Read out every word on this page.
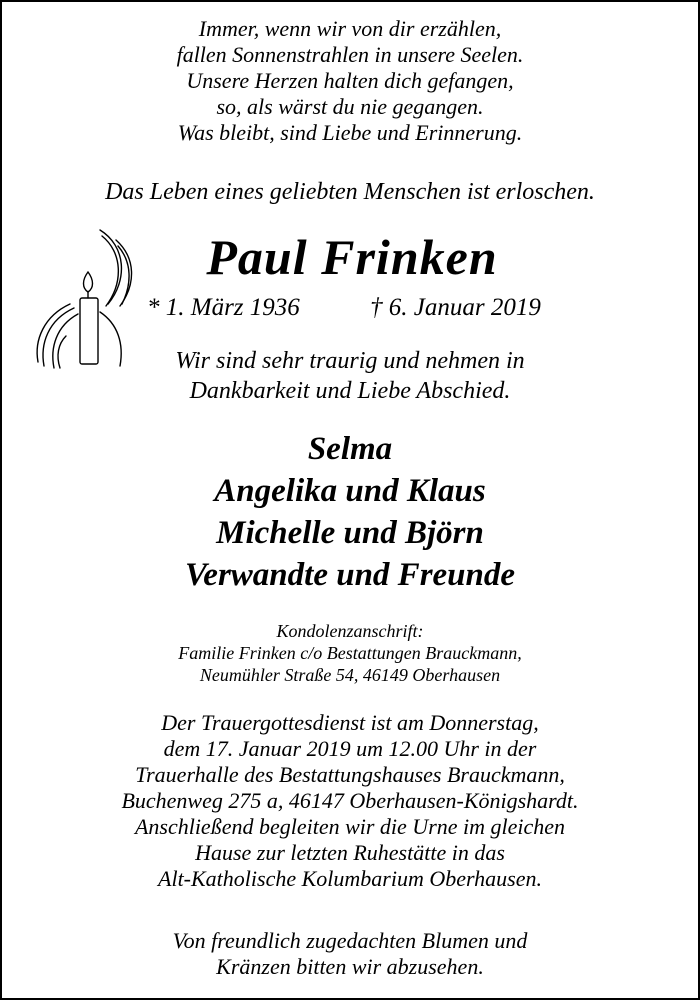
Immer, wenn wir von dir erzählen,
fallen Sonnenstrahlen in unsere Seelen.
Unsere Herzen halten dich gefangen,
so, als wärst du nie gegangen.
Was bleibt, sind Liebe und Erinnerung.
Das Leben eines geliebten Menschen ist erloschen.
Paul Frinken
* 1. März 1936	† 6. Januar 2019
Wir sind sehr traurig und nehmen in
Dankbarkeit und Liebe Abschied.
Selma
Angelika und Klaus
Michelle und Björn
Verwandte und Freunde
Kondolenzanschrift:
Familie Frinken c/o Bestattungen Brauckmann,
Neumühler Straße 54, 46149 Oberhausen
Der Trauergottesdienst ist am Donnerstag,
dem 17. Januar 2019 um 12.00 Uhr in der
Trauerhalle des Bestattungshauses Brauckmann,
Buchenweg 275 a, 46147 Oberhausen-Königshardt.
Anschließend begleiten wir die Urne im gleichen
Hause zur letzten Ruhestätte in das
Alt-Katholische Kolumbarium Oberhausen.
Von freundlich zugedachten Blumen und
Kränzen bitten wir abzusehen.
